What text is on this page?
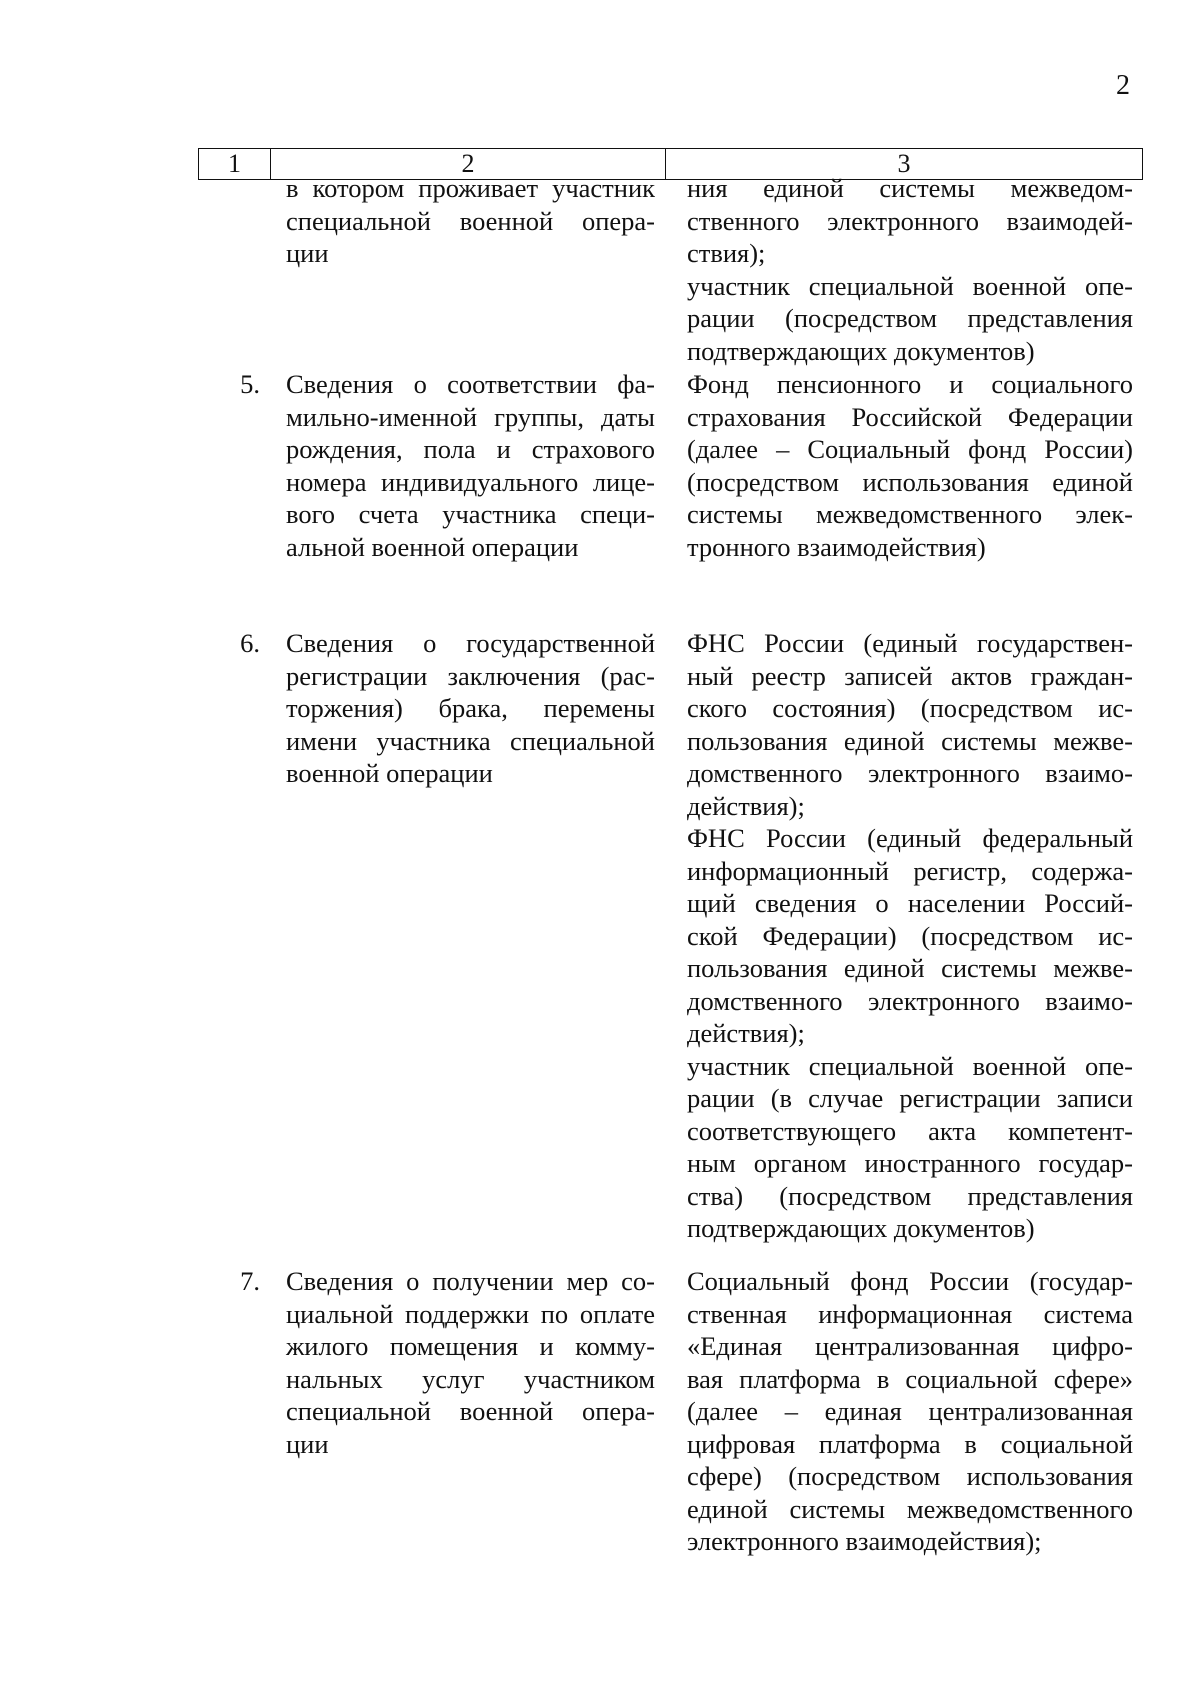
2
1	2	3
в котором проживает участник
специальной военной опера-
ции
ния единой системы межведом-
ственного электронного взаимодей-
ствия);
участник специальной военной опе-
рации (посредством представления
подтверждающих документов)
5. Сведения о соответствии фа-
мильно-именной группы, даты
рождения, пола и страхового
номера индивидуального лице-
вого счета участника специ-
альной военной операции
Фонд пенсионного и социального
страхования Российской Федерации
(далее – Социальный фонд России)
(посредством использования единой
системы межведомственного элек-
тронного взаимодействия)
6. Сведения о государственной
регистрации заключения (рас-
торжения) брака, перемены
имени участника специальной
военной операции
ФНС России (единый государствен-
ный реестр записей актов граждан-
ского состояния) (посредством ис-
пользования единой системы межве-
домственного электронного взаимо-
действия);
ФНС России (единый федеральный
информационный регистр, содержа-
щий сведения о населении Россий-
ской Федерации) (посредством ис-
пользования единой системы межве-
домственного электронного взаимо-
действия);
участник специальной военной опе-
рации (в случае регистрации записи
соответствующего акта компетент-
ным органом иностранного государ-
ства) (посредством представления
подтверждающих документов)
7. Сведения о получении мер со-
циальной поддержки по оплате
жилого помещения и комму-
нальных услуг участником
специальной военной опера-
ции
Социальный фонд России (государ-
ственная информационная система
«Единая централизованная цифро-
вая платформа в социальной сфере»
(далее – единая централизованная
цифровая платформа в социальной
сфере) (посредством использования
единой системы межведомственного
электронного взаимодействия);
